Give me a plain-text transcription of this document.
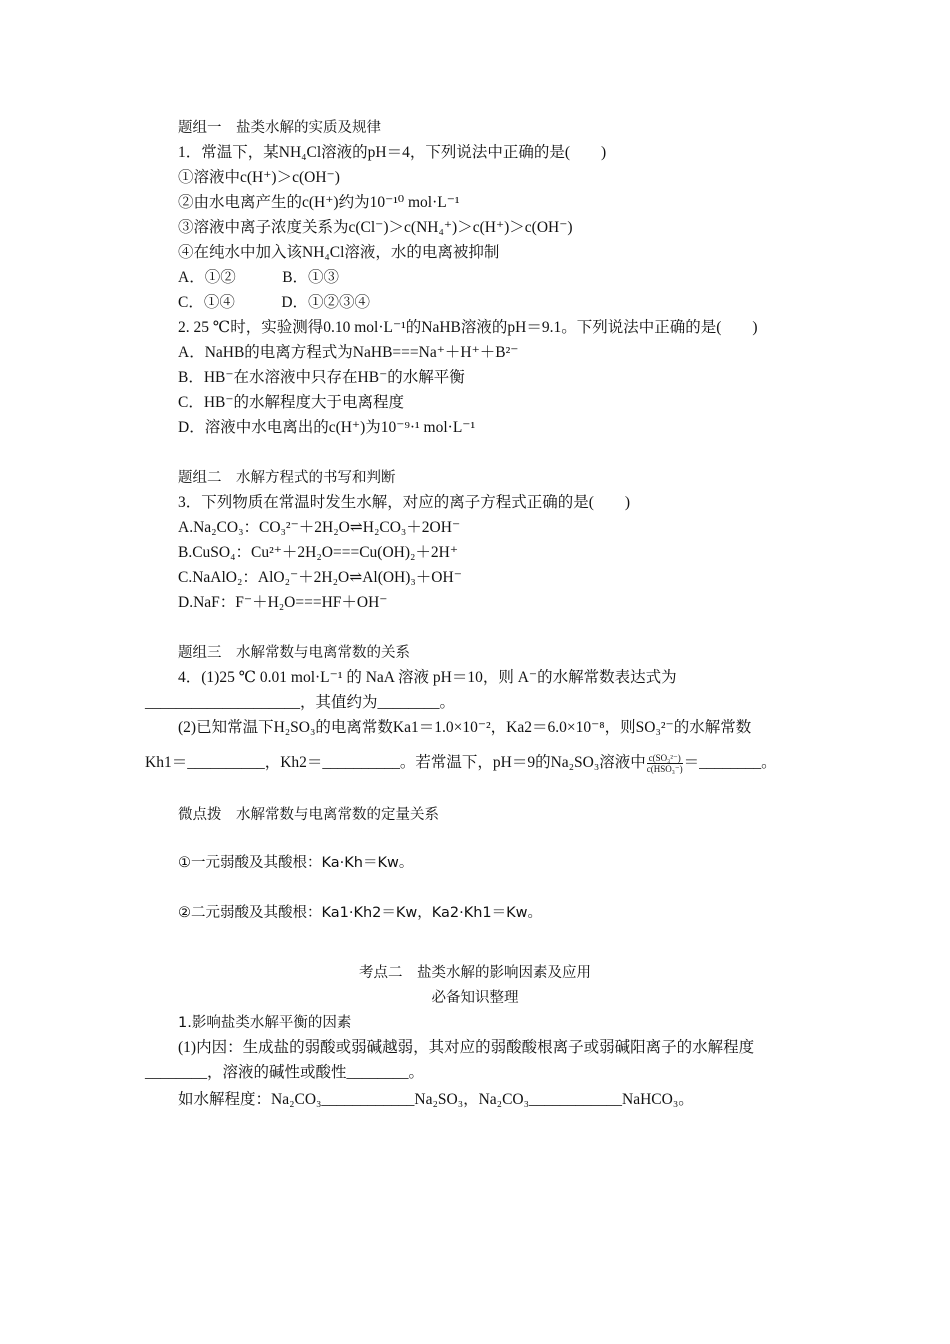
题组一　盐类水解的实质及规律
1．常温下，某NH₄Cl溶液的pH＝4，下列说法中正确的是(　　)
①溶液中c(H⁺)＞c(OH⁻)
②由水电离产生的c(H⁺)约为10⁻¹⁰ mol·L⁻¹
③溶液中离子浓度关系为c(Cl⁻)＞c(NH₄⁺)＞c(H⁺)＞c(OH⁻)
④在纯水中加入该NH₄Cl溶液，水的电离被抑制
A．①②　　　B．①③
C．①④　　　D．①②③④
2. 25 ℃时，实验测得0.10 mol·L⁻¹的NaHB溶液的pH＝9.1。下列说法中正确的是(　　)
A．NaHB的电离方程式为NaHB===Na⁺＋H⁺＋B²⁻
B．HB⁻在水溶液中只存在HB⁻的水解平衡
C．HB⁻的水解程度大于电离程度
D．溶液中水电离出的c(H⁺)为10⁻⁹·¹ mol·L⁻¹
题组二　水解方程式的书写和判断
3．下列物质在常温时发生水解，对应的离子方程式正确的是(　　)
A.Na₂CO₃：CO₃²⁻＋2H₂O⇌H₂CO₃＋2OH⁻
B.CuSO₄：Cu²⁺＋2H₂O===Cu(OH)₂＋2H⁺
C.NaAlO₂：AlO₂⁻＋2H₂O⇌Al(OH)₃＋OH⁻
D.NaF：F⁻＋H₂O===HF＋OH⁻
题组三　水解常数与电离常数的关系
4．(1)25 ℃ 0.01 mol·L⁻¹ 的 NaA 溶液 pH＝10，则 A⁻的水解常数表达式为
____________________，其值约为________。
(2)已知常温下H₂SO₃的电离常数Ka1＝1.0×10⁻²，Ka2＝6.0×10⁻⁸，则SO₃²⁻的水解常数
Kh1＝__________，Kh2＝__________。若常温下，pH＝9的Na₂SO₃溶液中 $\frac{\text{c(SO₃²⁻)}}{\text{c(HSO₃⁻)}}$ ＝________。
微点拨　水解常数与电离常数的定量关系
①一元弱酸及其酸根：Ka·Kh＝Kw。
②二元弱酸及其酸根：Ka1·Kh2＝Kw，Ka2·Kh1＝Kw。
考点二　盐类水解的影响因素及应用
必备知识整理
1.影响盐类水解平衡的因素
(1)内因：生成盐的弱酸或弱碱越弱，其对应的弱酸酸根离子或弱碱阳离子的水解程度
________，溶液的碱性或酸性________。
如水解程度：Na₂CO₃____________Na₂SO₃，Na₂CO₃____________NaHCO₃。
